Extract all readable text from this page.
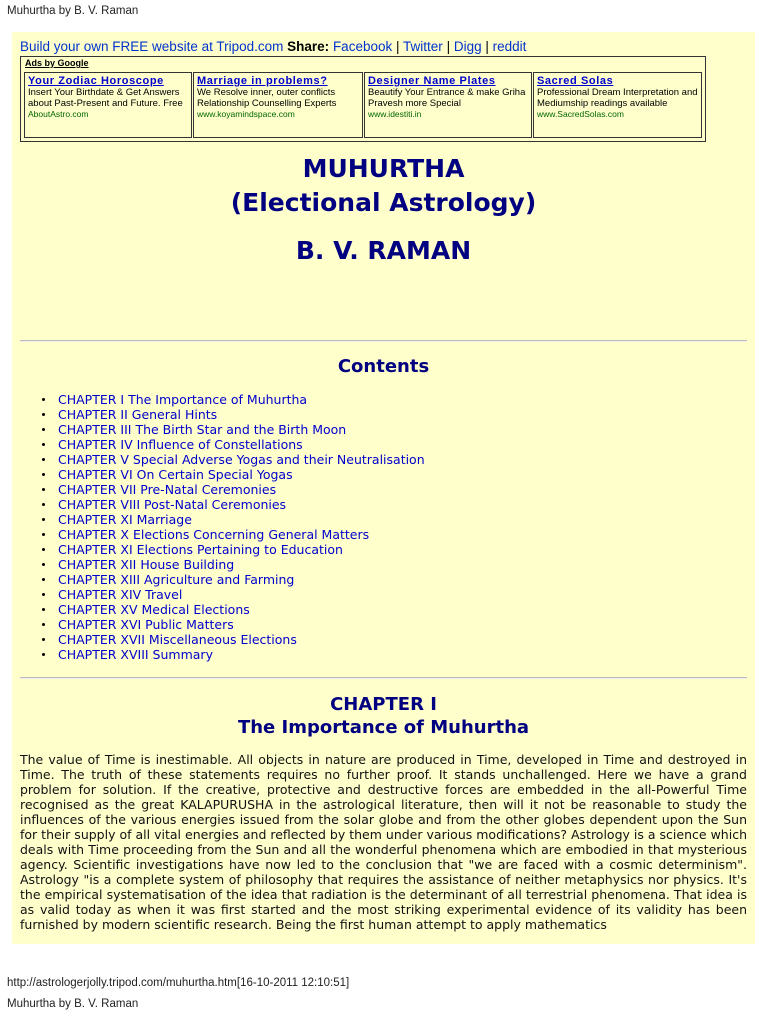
Muhurtha by B. V. Raman
Build your own FREE website at Tripod.com Share: Facebook | Twitter | Digg | reddit
Ads by Google
Your Zodiac Horoscope
Insert Your Birthdate & Get Answers about Past-Present and Future. Free
AboutAstro.com
Marriage in problems?
We Resolve inner, outer conflicts Relationship Counselling Experts
www.koyamindspace.com
Designer Name Plates
Beautify Your Entrance & make Griha Pravesh more Special
www.idestiti.in
Sacred Solas
Professional Dream Interpretation and Mediumship readings available
www.SacredSolas.com
MUHURTHA
(Electional Astrology)
B. V. RAMAN
Contents
CHAPTER I The Importance of Muhurtha
CHAPTER II General Hints
CHAPTER III The Birth Star and the Birth Moon
CHAPTER IV Influence of Constellations
CHAPTER V Special Adverse Yogas and their Neutralisation
CHAPTER VI On Certain Special Yogas
CHAPTER VII Pre-Natal Ceremonies
CHAPTER VIII Post-Natal Ceremonies
CHAPTER XI Marriage
CHAPTER X Elections Concerning General Matters
CHAPTER XI Elections Pertaining to Education
CHAPTER XII House Building
CHAPTER XIII Agriculture and Farming
CHAPTER XIV Travel
CHAPTER XV Medical Elections
CHAPTER XVI Public Matters
CHAPTER XVII Miscellaneous Elections
CHAPTER XVIII Summary
CHAPTER I
The Importance of Muhurtha

The value of Time is inestimable. All objects in nature are produced in Time, developed in Time and destroyed in Time. The truth of these statements requires no further proof. It stands unchallenged. Here we have a grand problem for solution. If the creative, protective and destructive forces are embedded in the all-Powerful Time recognised as the great KALAPURUSHA in the astrological literature, then will it not be reasonable to study the influences of the various energies issued from the solar globe and from the other globes dependent upon the Sun for their supply of all vital energies and reflected by them under various modifications? Astrology is a science which deals with Time proceeding from the Sun and all the wonderful phenomena which are embodied in that mysterious agency. Scientific investigations have now led to the conclusion that "we are faced with a cosmic determinism". Astrology "is a complete system of philosophy that requires the assistance of neither metaphysics nor physics. It's the empirical systematisation of the idea that radiation is the determinant of all terrestrial phenomena. That idea is as valid today as when it was first started and the most striking experimental evidence of its validity has been furnished by modern scientific research. Being the first human attempt to apply mathematics

http://astrologerjolly.tripod.com/muhurtha.htm[16-10-2011 12:10:51]
Muhurtha by B. V. Raman
